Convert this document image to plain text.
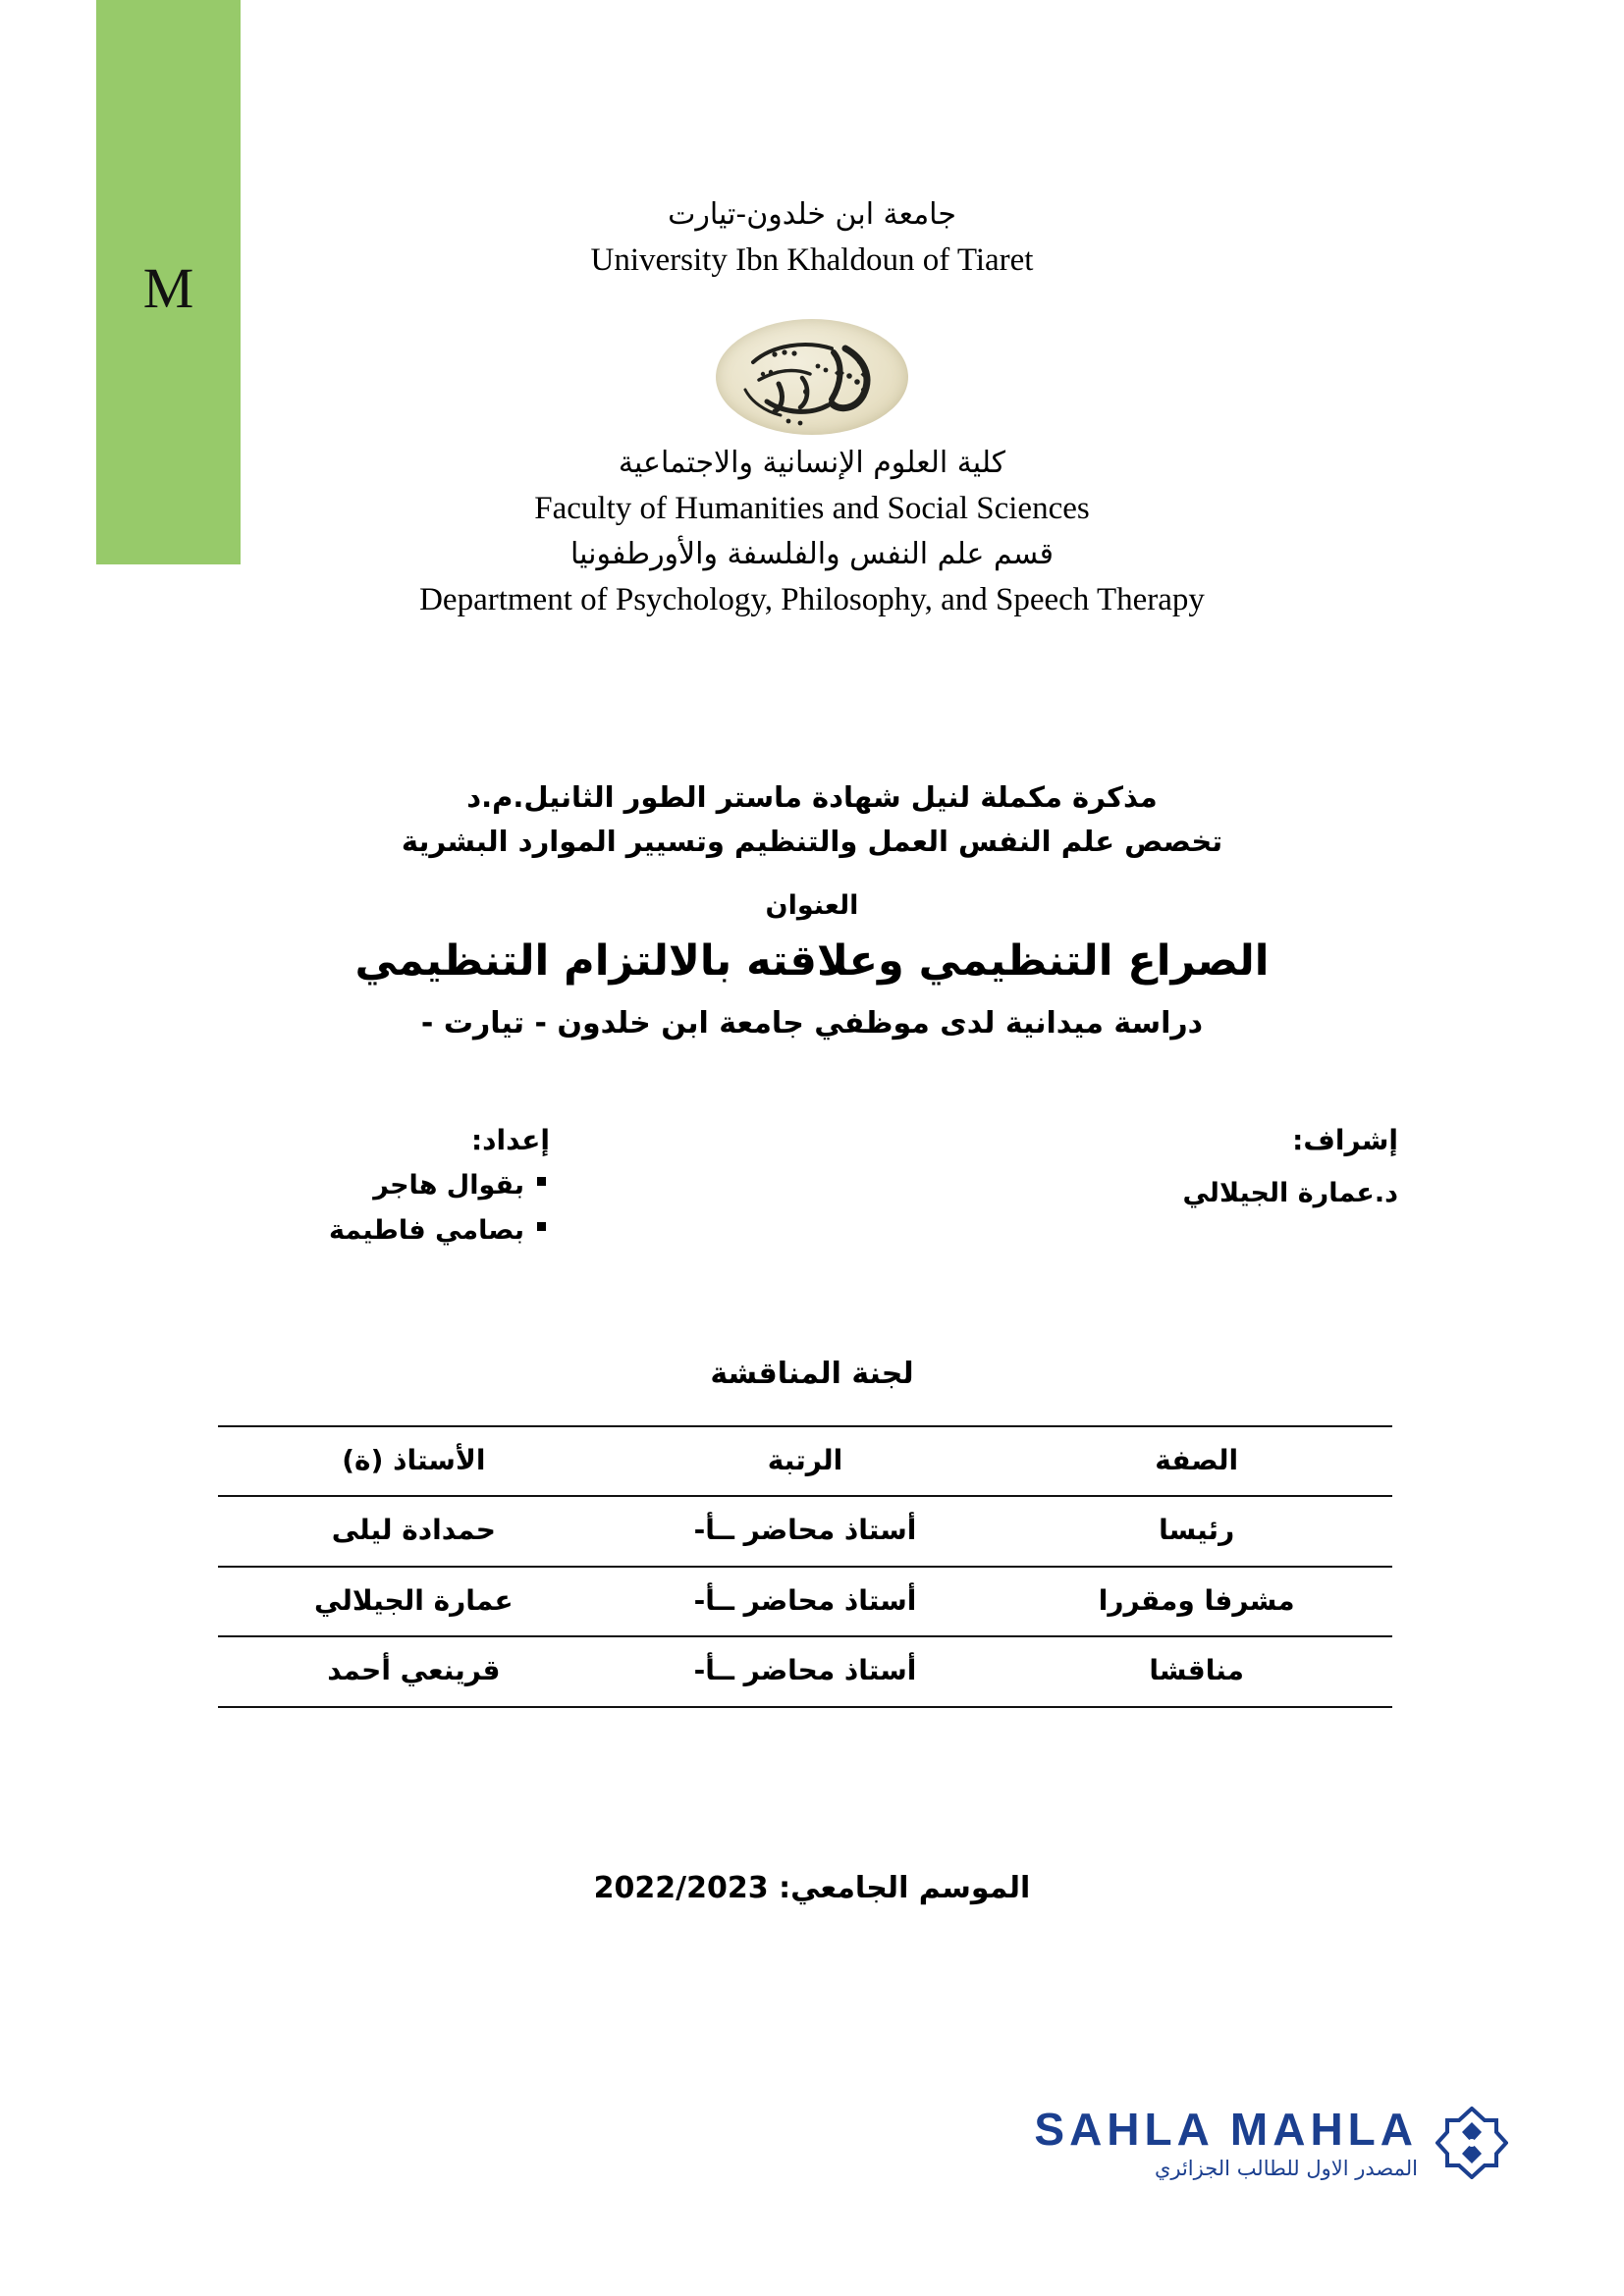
M
جامعة ابن خلدون-تيارت
University Ibn Khaldoun of Tiaret
كلية العلوم الإنسانية والاجتماعية
Faculty of Humanities and Social Sciences
قسم علم النفس والفلسفة والأورطفونيا
Department of Psychology, Philosophy, and Speech Therapy
مذكرة مكملة لنيل شهادة ماستر الطور الثانيل.م.د
تخصص علم النفس العمل والتنظيم وتسيير الموارد البشرية
العنوان
الصراع التنظيمي وعلاقته بالالتزام التنظيمي
دراسة ميدانية لدى موظفي جامعة ابن خلدون - تيارت -
إشراف:
د.عمارة الجيلالي
إعداد:
بقوال هاجر
بصامي فاطيمة
لجنة المناقشة
الصفة	الرتبة	الأستاذ (ة)
رئيسا	أستاذ محاضر ــأ-	حمدادة ليلى
مشرفا ومقررا	أستاذ محاضر ــأ-	عمارة الجيلالي
مناقشا	أستاذ محاضر ــأ-	قرينعي أحمد
الموسم الجامعي: 2022/2023
SAHLA MAHLA
المصدر الاول للطالب الجزائري
